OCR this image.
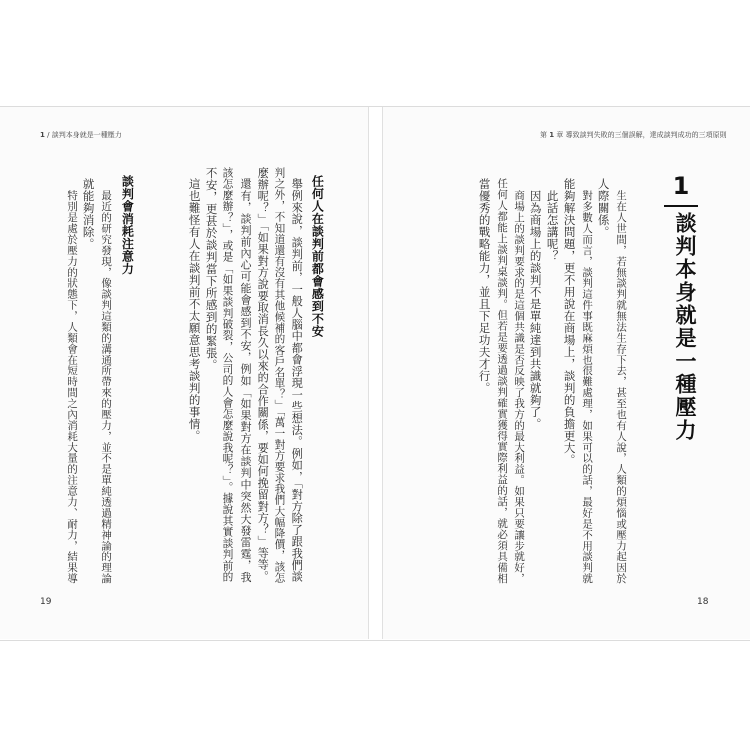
1 / 談判本身就是一種壓力
任何人在談判前都會感到不安
舉例來說，談判前，一般人腦中都會浮現一些想法。例如，「對方除了跟我們談
判之外，不知道還有沒有其他候補的客戶名單？」「萬一對方要求我們大幅降價，該怎
麼辦呢？」「如果對方說要取消長久以來的合作關係，要如何挽留對方？」等等。
還有，談判前內心可能會感到不安，例如「如果對方在談判中突然大發雷霆，我
該怎麼辦？」，或是「如果談判破裂，公司的人會怎麼說我呢？」。據說其實談判前的
不安，更甚於談判當下所感到的緊張。
這也難怪有人在談判前不太願意思考談判的事情。
談判會消耗注意力
最近的研究發現，像談判這類的溝通所帶來的壓力，並不是單純透過精神論的理論
就能夠消除。
特別是處於壓力的狀態下，人類會在短時間之內消耗大量的注意力、耐力，結果導
19
第 1 章 導致談判失敗的三個誤解，達成談判成功的三項原則
1
談判本身就是一種壓力
生在人世間，若無談判就無法生存下去，甚至也有人說，人類的煩惱或壓力起因於
人際關係。
對多數人而言，談判這件事既麻煩也很難處理，如果可以的話，最好是不用談判就
能夠解決問題，更不用說在商場上，談判的負擔更大。
此話怎講呢？
因為商場上的談判不是單純達到共識就夠了。
商場上的談判要求的是這個共識是否反映了我方的最大利益。如果只要讓步就好，
任何人都能上談判桌談判。但若是要透過談判確實獲得實際利益的話，就必須具備相
當優秀的戰略能力，並且下足功夫才行。
18
